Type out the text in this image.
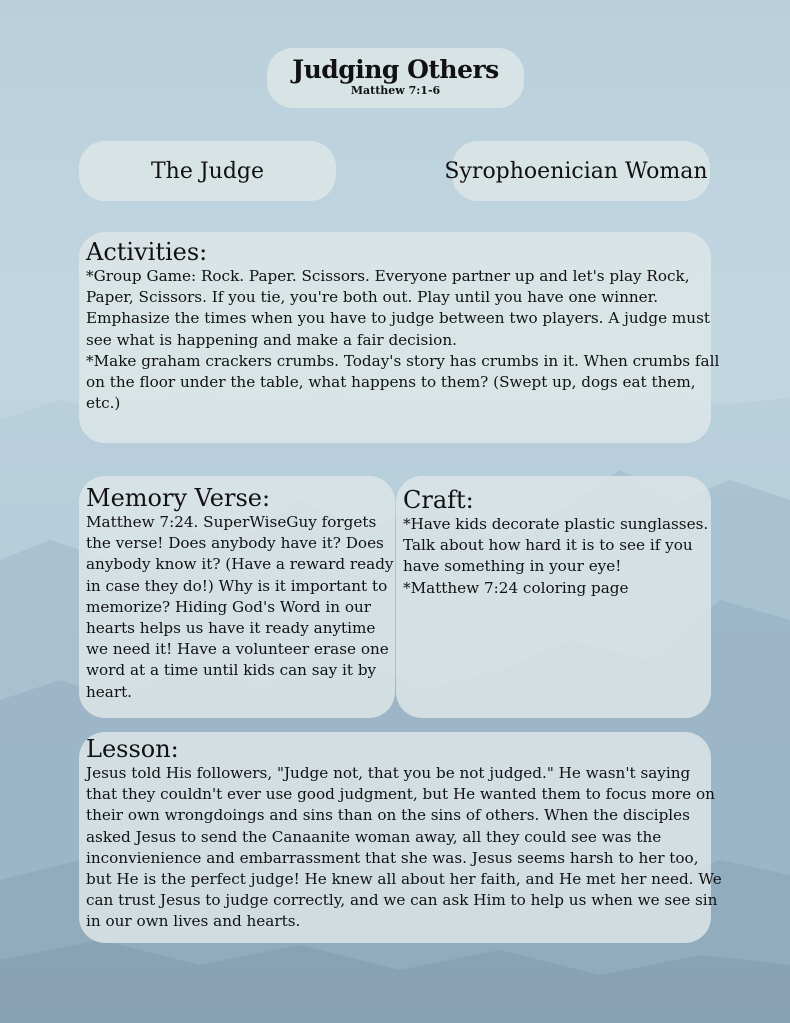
Judging Others
Matthew 7:1-6
The Judge	Syrophoenician Woman
Activities:

*Group Game: Rock. Paper. Scissors. Everyone partner up and let's play Rock, Paper, Scissors. If you tie, you're both out. Play until you have one winner. Emphasize the times when you have to judge between two players. A judge must see what is happening and make a fair decision.

*Make graham crackers crumbs. Today's story has crumbs in it. When crumbs fall on the floor under the table, what happens to them? (Swept up, dogs eat them, etc.)

Memory Verse:

Matthew 7:24. SuperWiseGuy forgets the verse! Does anybody have it? Does anybody know it? (Have a reward ready in case they do!) Why is it important to memorize? Hiding God's Word in our hearts helps us have it ready anytime we need it! Have a volunteer erase one word at a time until kids can say it by heart.

Craft:

*Have kids decorate plastic sunglasses. Talk about how hard it is to see if you have something in your eye!

*Matthew 7:24 coloring page

Lesson:

Jesus told His followers, "Judge not, that you be not judged." He wasn't saying that they couldn't ever use good judgment, but He wanted them to focus more on their own wrongdoings and sins than on the sins of others. When the disciples asked Jesus to send the Canaanite woman away, all they could see was the inconvienience and embarrassment that she was. Jesus seems harsh to her too, but He is the perfect judge! He knew all about her faith, and He met her need. We can trust Jesus to judge correctly, and we can ask Him to help us when we see sin in our own lives and hearts.
